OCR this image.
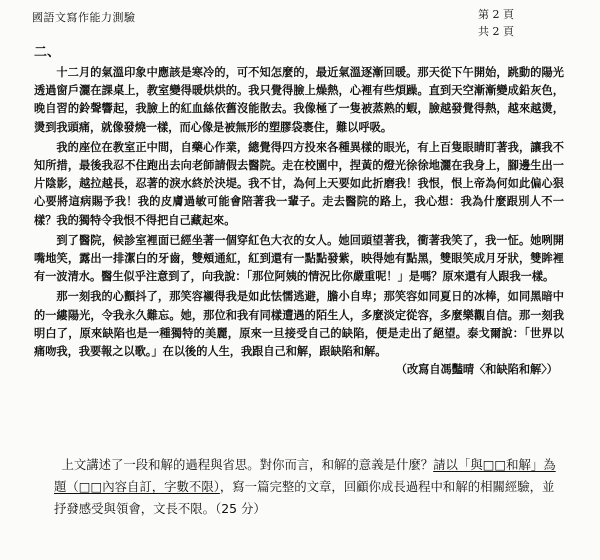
國語文寫作能力測驗	第 2 頁
共 2 頁
二、

十二月的氣溫印象中應該是寒冷的，可不知怎麼的，最近氣溫逐漸回暖。那天從下午開始，跳動的陽光透過窗戶灑在課桌上，教室變得暖烘烘的。我只覺得臉上燥熱，心裡有些煩躁。直到天空漸漸變成鉛灰色，晚自習的鈴聲響起，我臉上的紅血絲依舊沒能散去。我像極了一隻被蒸熟的蝦，臉越發覺得熱，越來越燙，燙到我頭痛，就像發燒一樣，而心像是被無形的塑膠袋裹住，難以呼吸。

我的座位在教室正中間，自藥心作業，總覺得四方投來各種異樣的眼光，有上百隻眼睛盯著我，讓我不知所措，最後我忍不住跑出去向老師請假去醫院。走在校園中，捏黃的燈光徐徐地灑在我身上，腳邊生出一片陰影，越拉越長，忍著的淚水終於決堤。我不甘，為何上天要如此折磨我！我恨，恨上帝為何如此偏心狠心要將這病賜予我！我的皮膚過敏可能會陪著我一輩子。走去醫院的路上，我心想：我為什麼跟別人不一樣？我的獨特令我恨不得把自己藏起來。

到了醫院，候診室裡面已經坐著一個穿紅色大衣的女人。她回頭望著我，衝著我笑了，我一怔。她咧開嘴地笑，露出一排潔白的牙齒，雙頰通紅，紅到還有一點點發紫，映得她有點黑，雙眼笑成月牙狀，雙眸裡有一波清水。醫生似乎注意到了，向我說：「那位阿姨的情況比你嚴重呢！」是嗎？原來還有人跟我一樣。

那一刻我的心顫抖了，那笑容襯得我是如此怯懦逃避，膽小自卑；那笑容如同夏日的冰棒，如同黑暗中的一縷陽光，令我永久難忘。她，那位和我有同樣遭遇的陌生人，多麼淡定從容，多麼樂觀自信。那一刻我明白了，原來缺陷也是一種獨特的美麗，原來一旦接受自己的缺陷，便是走出了絕望。泰戈爾說：「世界以痛吻我，我要報之以歌。」在以後的人生，我跟自己和解，跟缺陷和解。
（改寫自馮豔晴〈和缺陷和解〉）

上文講述了一段和解的過程與省思。對你而言，和解的意義是什麼？請以「與□□和解」為題（□□內容自訂，字數不限），寫一篇完整的文章，回顧你成長過程中和解的相關經驗，並抒發感受與領會，文長不限。（25 分）
